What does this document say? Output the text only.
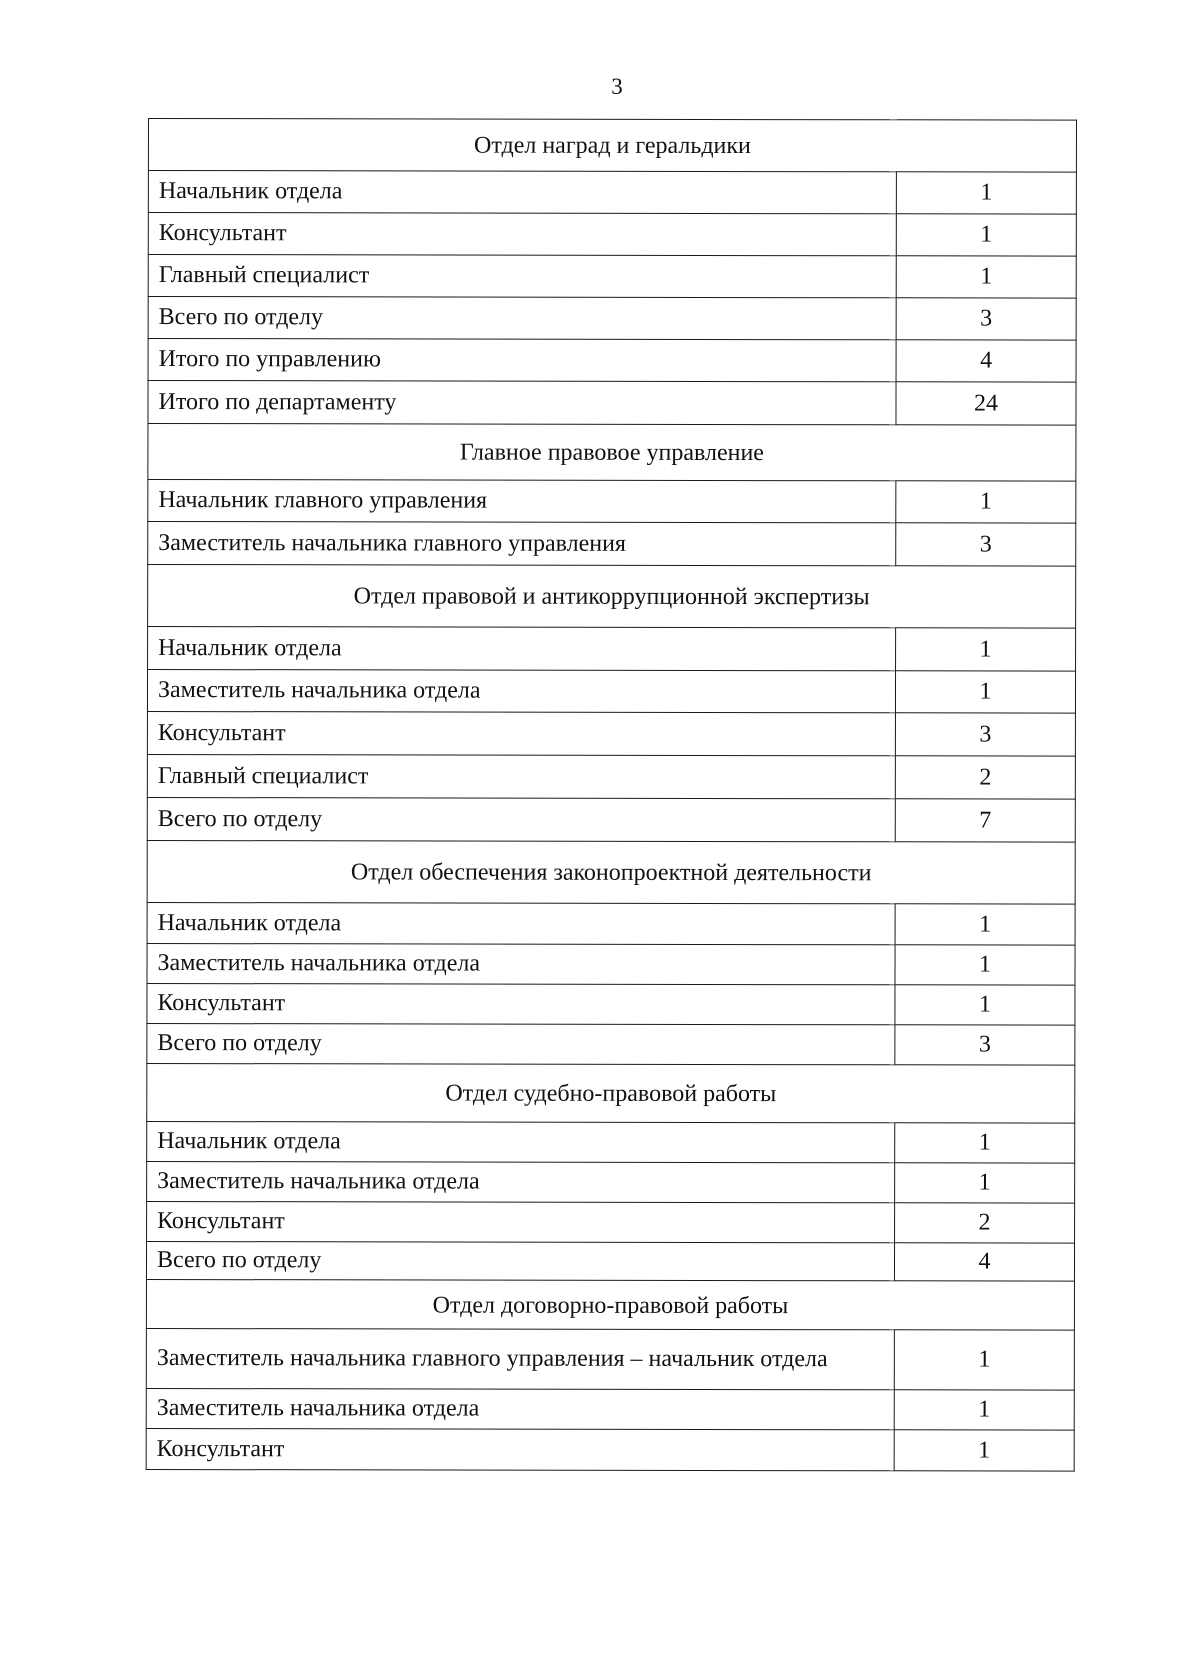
3
Отдел наград и геральдики	
Начальник отдела	1
Консультант	1
Главный специалист	1
Всего по отделу	3
Итого по управлению	4
Итого по департаменту	24
Главное правовое управление	
Начальник главного управления	1
Заместитель начальника главного управления	3
Отдел правовой и антикоррупционной экспертизы	
Начальник отдела	1
Заместитель начальника отдела	1
Консультант	3
Главный специалист	2
Всего по отделу	7
Отдел обеспечения законопроектной деятельности	
Начальник отдела	1
Заместитель начальника отдела	1
Консультант	1
Всего по отделу	3
Отдел судебно-правовой работы	
Начальник отдела	1
Заместитель начальника отдела	1
Консультант	2
Всего по отделу	4
Отдел договорно-правовой работы	
Заместитель начальника главного управления – начальник отдела	1
Заместитель начальника отдела	1
Консультант	1
